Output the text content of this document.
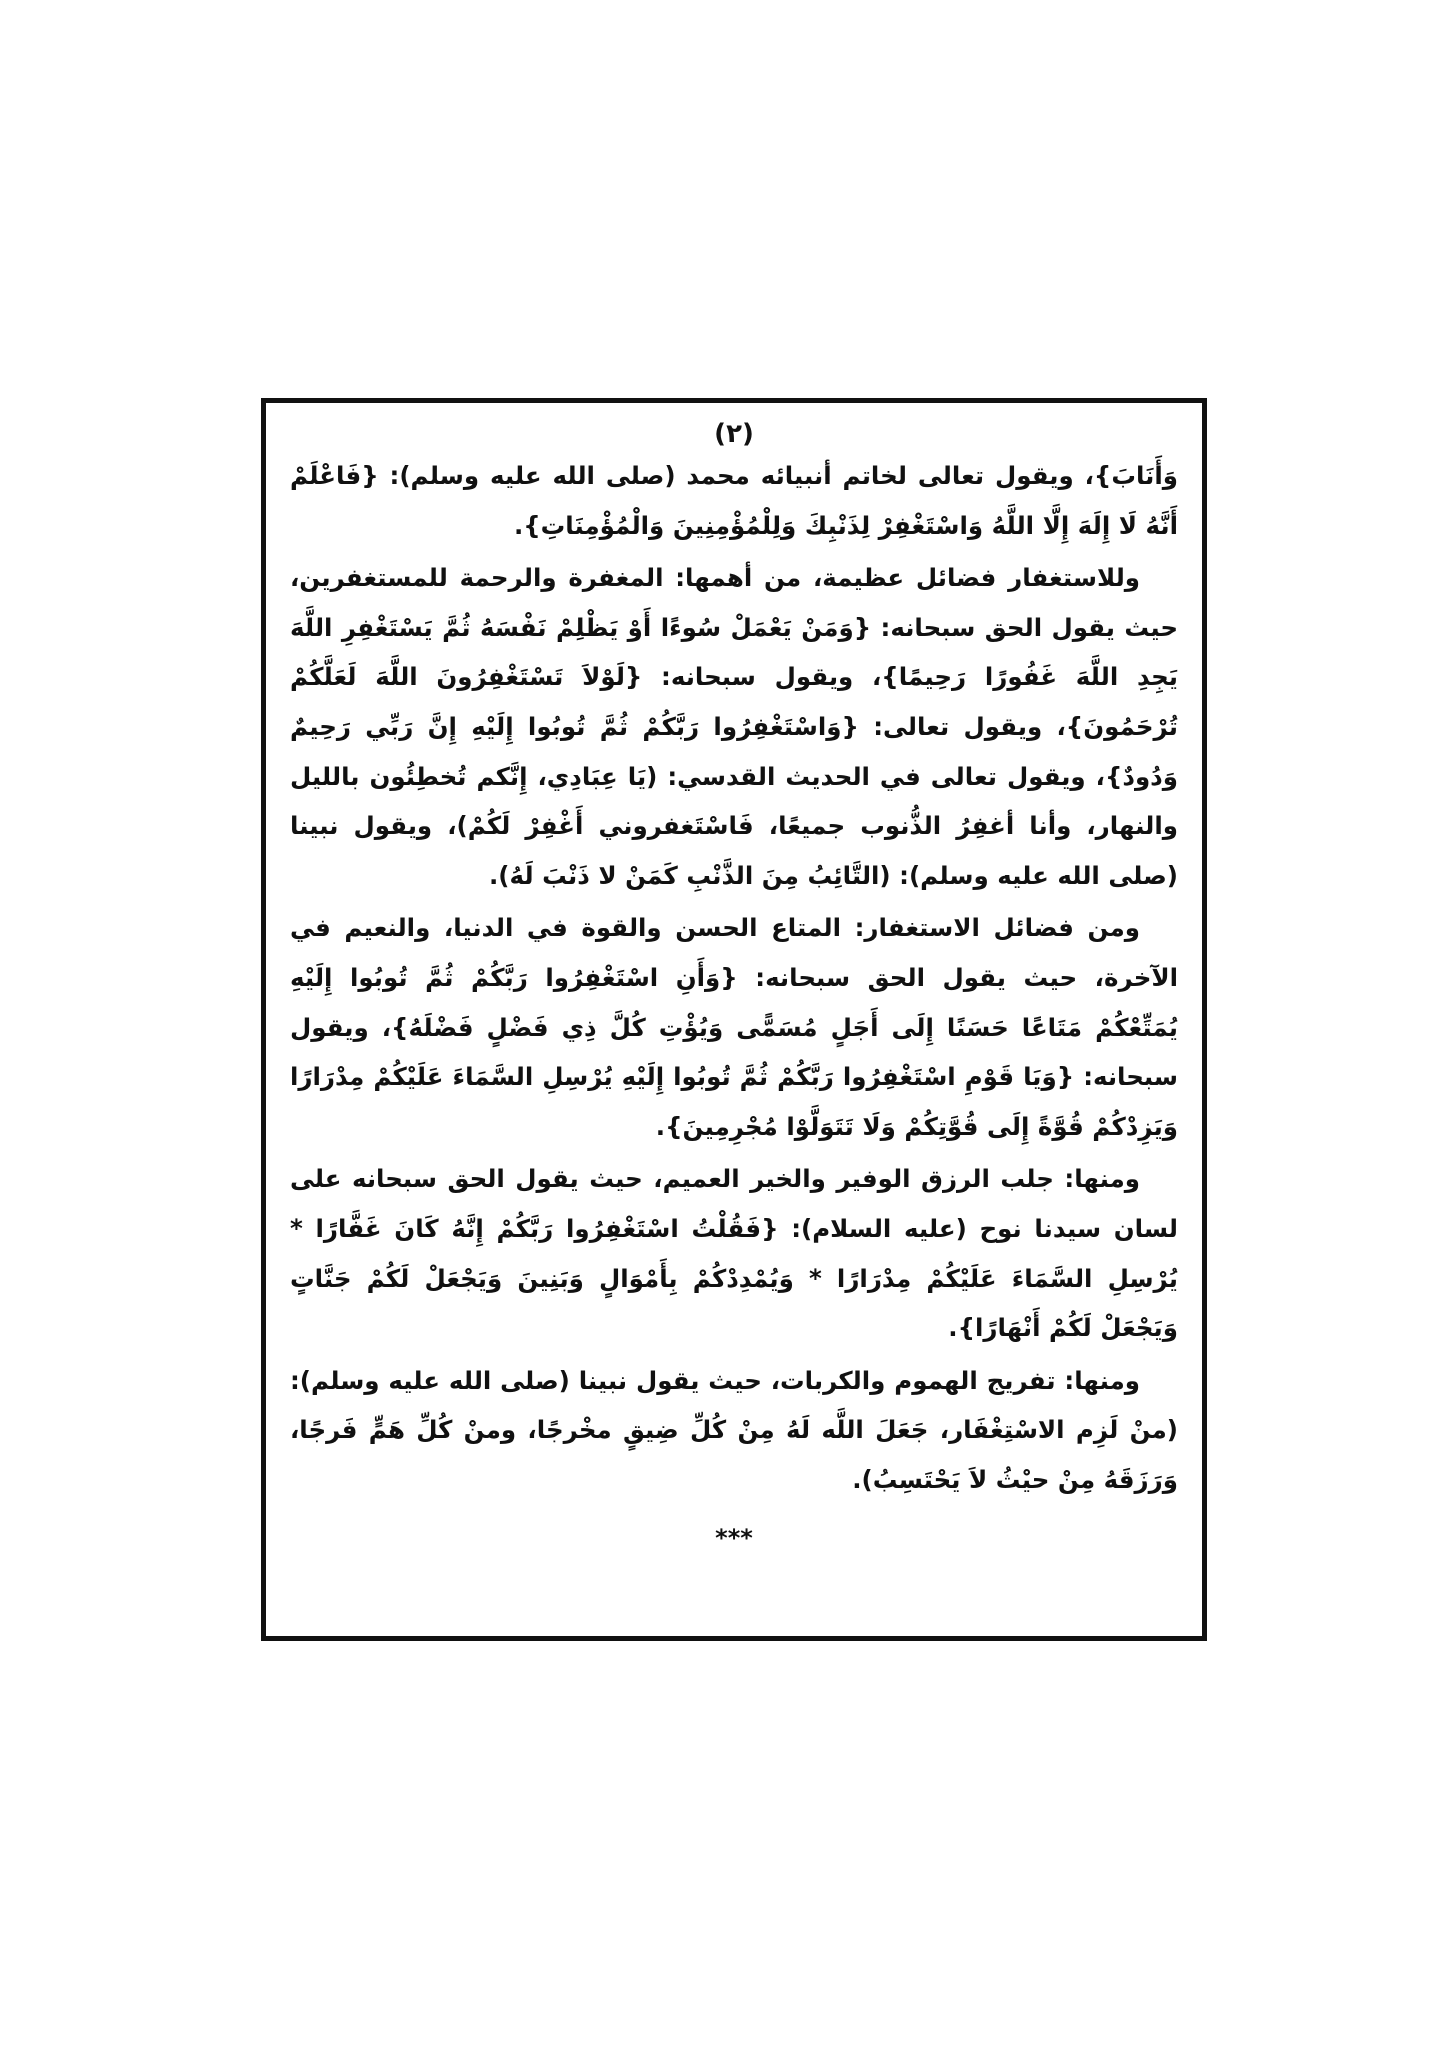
(٢)

وَأَنَابَ}، ويقول تعالى لخاتم أنبيائه محمد (صلى الله عليه وسلم): {فَاعْلَمْ أَنَّهُ لَا إِلَهَ إِلَّا اللَّهُ وَاسْتَغْفِرْ لِذَنْبِكَ وَلِلْمُؤْمِنِينَ وَالْمُؤْمِنَاتِ}.

وللاستغفار فضائل عظيمة، من أهمها: المغفرة والرحمة للمستغفرين، حيث يقول الحق سبحانه: {وَمَنْ يَعْمَلْ سُوءًا أَوْ يَظْلِمْ نَفْسَهُ ثُمَّ يَسْتَغْفِرِ اللَّهَ يَجِدِ اللَّهَ غَفُورًا رَحِيمًا}، ويقول سبحانه: {لَوْلاَ تَسْتَغْفِرُونَ اللَّهَ لَعَلَّكُمْ تُرْحَمُونَ}، ويقول تعالى: {وَاسْتَغْفِرُوا رَبَّكُمْ ثُمَّ تُوبُوا إِلَيْهِ إِنَّ رَبِّي رَحِيمٌ وَدُودٌ}، ويقول تعالى في الحديث القدسي: (يَا عِبَادِي، إِنَّكم تُخطِئُون بالليل والنهار، وأنا أغفِرُ الذُّنوب جميعًا، فَاسْتَغفروني أَغْفِرْ لَكُمْ)، ويقول نبينا (صلى الله عليه وسلم): (التَّائِبُ مِنَ الذَّنْبِ كَمَنْ لا ذَنْبَ لَهُ).

ومن فضائل الاستغفار: المتاع الحسن والقوة في الدنيا، والنعيم في الآخرة، حيث يقول الحق سبحانه: {وَأَنِ اسْتَغْفِرُوا رَبَّكُمْ ثُمَّ تُوبُوا إِلَيْهِ يُمَتِّعْكُمْ مَتَاعًا حَسَنًا إِلَى أَجَلٍ مُسَمًّى وَيُؤْتِ كُلَّ ذِي فَضْلٍ فَضْلَهُ}، ويقول سبحانه: {وَيَا قَوْمِ اسْتَغْفِرُوا رَبَّكُمْ ثُمَّ تُوبُوا إِلَيْهِ يُرْسِلِ السَّمَاءَ عَلَيْكُمْ مِدْرَارًا وَيَزِدْكُمْ قُوَّةً إِلَى قُوَّتِكُمْ وَلَا تَتَوَلَّوْا مُجْرِمِينَ}.

ومنها: جلب الرزق الوفير والخير العميم، حيث يقول الحق سبحانه على لسان سيدنا نوح (عليه السلام): {فَقُلْتُ اسْتَغْفِرُوا رَبَّكُمْ إِنَّهُ كَانَ غَفَّارًا * يُرْسِلِ السَّمَاءَ عَلَيْكُمْ مِدْرَارًا * وَيُمْدِدْكُمْ بِأَمْوَالٍ وَبَنِينَ وَيَجْعَلْ لَكُمْ جَنَّاتٍ وَيَجْعَلْ لَكُمْ أَنْهَارًا}.

ومنها: تفريج الهموم والكربات، حيث يقول نبينا (صلى الله عليه وسلم): (منْ لَزِم الاسْتِغْفَار، جَعَلَ اللَّه لَهُ مِنْ كُلِّ ضِيقٍ مخْرجًا، ومنْ كُلِّ هَمٍّ فَرجًا، وَرَزَقَهُ مِنْ حيْثُ لاَ يَحْتَسِبُ).

***
